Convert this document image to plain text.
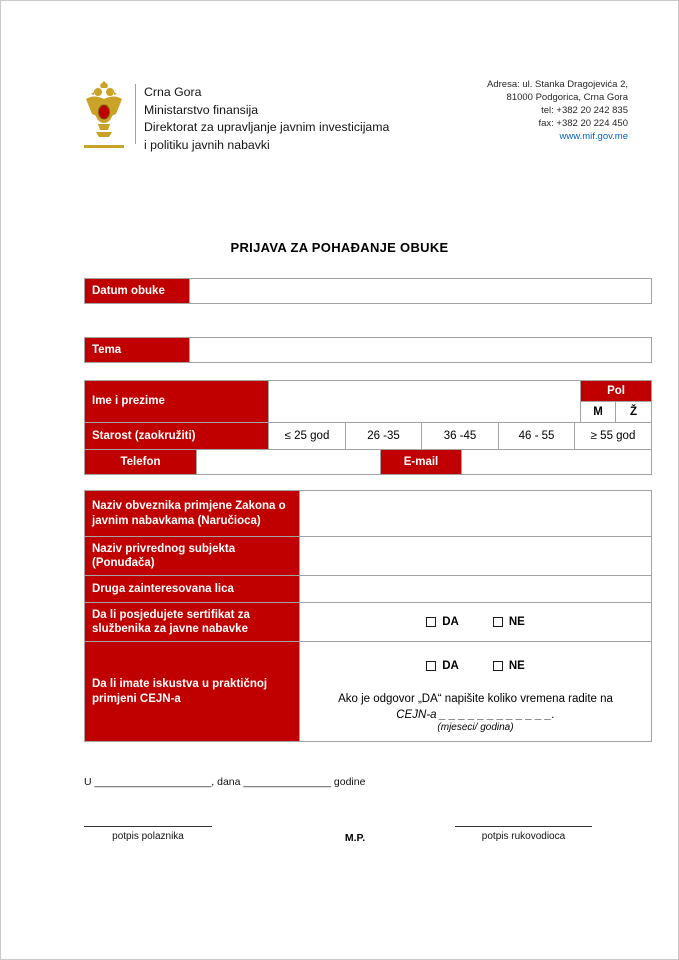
Crna Gora
Ministarstvo finansija
Direktorat za upravljanje javnim investicijama
i politiku javnih nabavki
Adresa: ul. Stanka Dragojevića 2,
81000 Podgorica, Crna Gora
tel: +382 20 242 835
fax: +382 20 224 450
www.mif.gov.me
PRIJAVA ZA POHAĐANJE OBUKE
Datum obuke	
Tema	
Ime i prezime									Pol	
									M	Ž
Starost (zaokružiti)		≤ 25 god	26 -35		36 -45		46 - 55	≥ 55 god		
Telefon				E-mail						
Naziv obveznika primjene Zakona o javnim nabavkama (Naručioca)	
Naziv privrednog subjekta (Ponuđača)	
Druga zainteresovana lica	
Da li posjedujete sertifikat za službenika za javne nabavke	DA NE

Da li imate iskustva u praktičnoj primjeni CEJN-a	DA NE
Ako je odgovor „DA“ napišite koliko vremena radite na
CEJN-a _ _ _ _ _ _ _ _ _ _ _ _.
(mjeseci/ godina)
U ____________________, dana _______________ godine
potpis polaznika	M.P.	potpis rukovodioca
